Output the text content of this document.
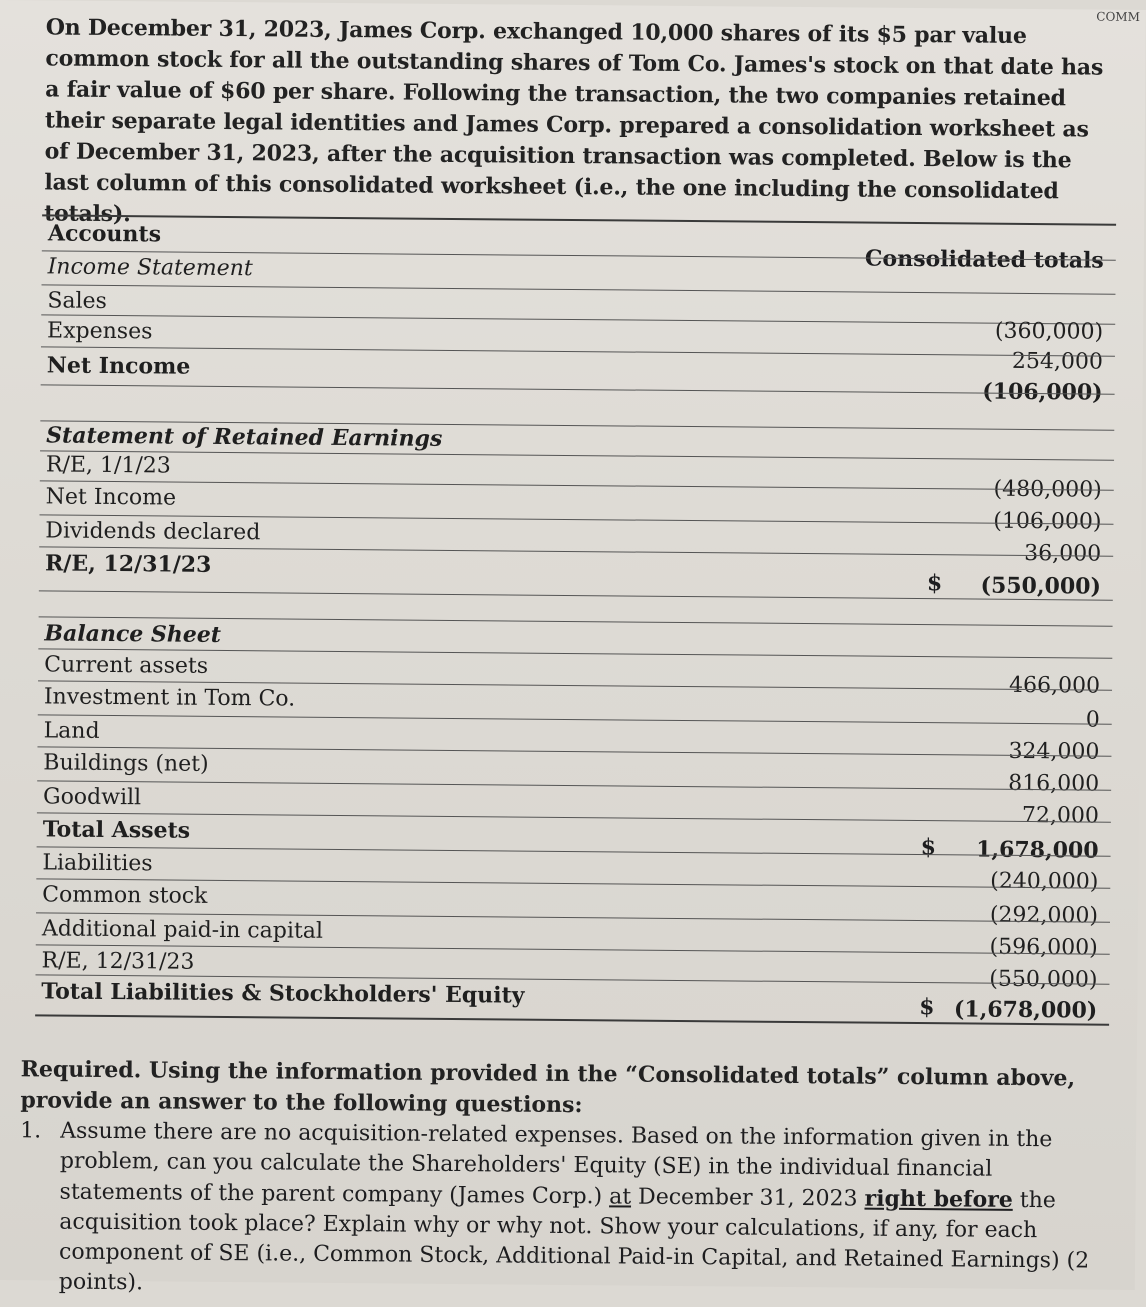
COMM
On December 31, 2023, James Corp. exchanged 10,000 shares of its $5 par value common stock for all the outstanding shares of Tom Co. James's stock on that date has a fair value of $60 per share. Following the transaction, the two companies retained their separate legal identities and James Corp. prepared a consolidation worksheet as of December 31, 2023, after the acquisition transaction was completed. Below is the last column of this consolidated worksheet (i.e., the one including the consolidated totals).
Accounts
Consolidated totals
Income Statement
Sales
Expenses	(360,000)
254,000
Net Income
(106,000)
Statement of Retained Earnings
R/E, 1/1/23
(480,000)
Net Income
(106,000)
Dividends declared
36,000
R/E, 12/31/23
$ (550,000)
Balance Sheet
Current assets
466,000
Investment in Tom Co.
0
Land
324,000
Buildings (net)
816,000
Goodwill
72,000
Total Assets
$ 1,678,000
Liabilities
(240,000)
Common stock
(292,000)
Additional paid-in capital
(596,000)
R/E, 12/31/23
(550,000)
Total Liabilities & Stockholders' Equity	$ (1,678,000)
Required. Using the information provided in the “Consolidated totals” column above, provide an answer to the following questions:
1. Assume there are no acquisition-related expenses. Based on the information given in the problem, can you calculate the Shareholders' Equity (SE) in the individual financial statements of the parent company (James Corp.) at December 31, 2023 right before the acquisition took place? Explain why or why not. Show your calculations, if any, for each component of SE (i.e., Common Stock, Additional Paid-in Capital, and Retained Earnings) (2 points).
